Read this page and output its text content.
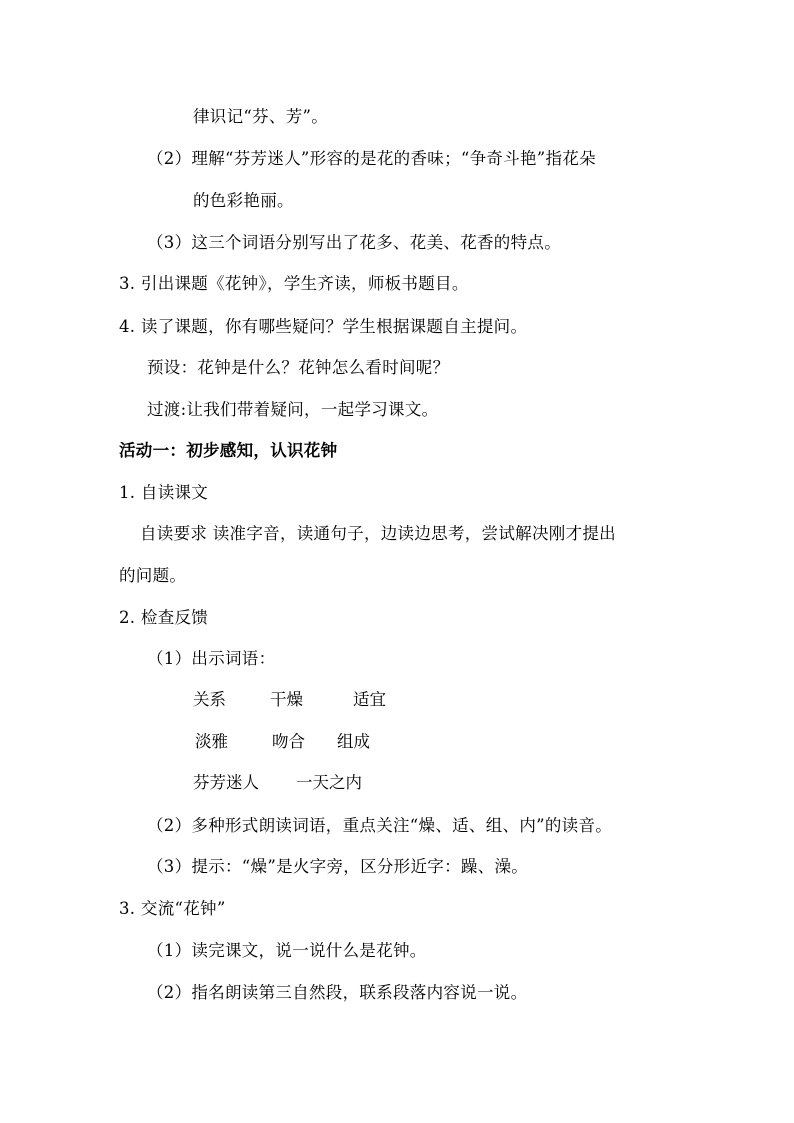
律识记“芬、芳”。
（2）理解“芬芳迷人”形容的是花的香味；“争奇斗艳”指花朵
的色彩艳丽。
（3）这三个词语分别写出了花多、花美、花香的特点。
3. 引出课题《花钟》，学生齐读，师板书题目。
4. 读了课题，你有哪些疑问？学生根据课题自主提问。
预设：花钟是什么？花钟怎么看时间呢？
过渡:让我们带着疑问，一起学习课文。
活动一：初步感知，认识花钟
1. 自读课文
自读要求 读准字音，读通句子，边读边思考，尝试解决刚才提出
的问题。
2. 检查反馈
（1）出示词语：
关系	干燥	适宜
淡雅	吻合 组成
芬芳迷人 一天之内
（2）多种形式朗读词语，重点关注“燥、适、组、内”的读音。
（3）提示：“燥”是火字旁，区分形近字：躁、澡。
3. 交流“花钟”
（1）读完课文，说一说什么是花钟。
（2）指名朗读第三自然段，联系段落内容说一说。
